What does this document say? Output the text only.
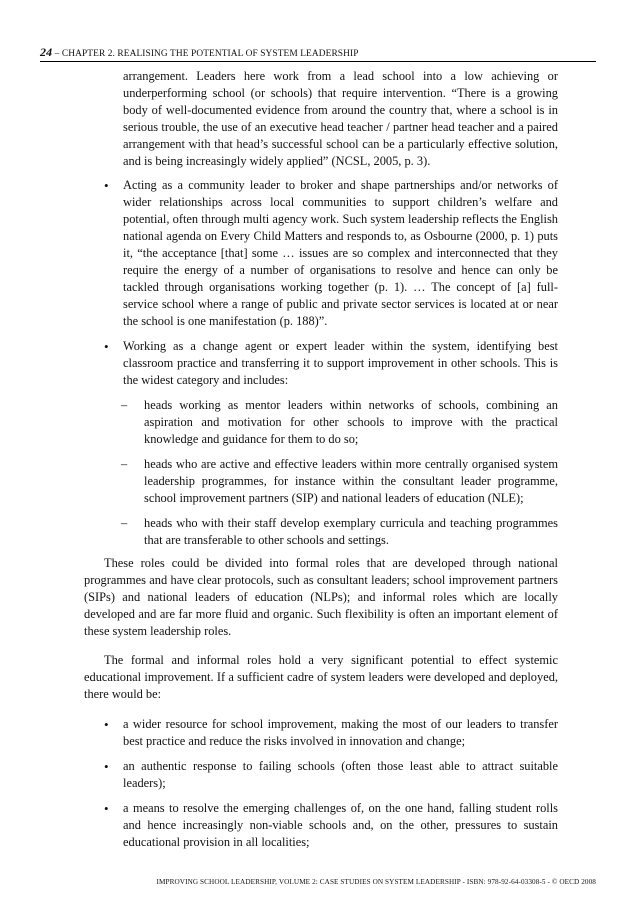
24 – CHAPTER 2. REALISING THE POTENTIAL OF SYSTEM LEADERSHIP

arrangement. Leaders here work from a lead school into a low achieving or underperforming school (or schools) that require intervention. “There is a growing body of well-documented evidence from around the country that, where a school is in serious trouble, the use of an executive head teacher / partner head teacher and a paired arrangement with that head’s successful school can be a particularly effective solution, and is being increasingly widely applied” (NCSL, 2005, p. 3).

• Acting as a community leader to broker and shape partnerships and/or networks of wider relationships across local communities to support children’s welfare and potential, often through multi agency work. Such system leadership reflects the English national agenda on Every Child Matters and responds to, as Osbourne (2000, p. 1) puts it, “the acceptance [that] some … issues are so complex and interconnected that they require the energy of a number of organisations to resolve and hence can only be tackled through organisations working together (p. 1). … The concept of [a] full-service school where a range of public and private sector services is located at or near the school is one manifestation (p. 188)”.
• Working as a change agent or expert leader within the system, identifying best classroom practice and transferring it to support improvement in other schools. This is the widest category and includes:
– heads working as mentor leaders within networks of schools, combining an aspiration and motivation for other schools to improve with the practical knowledge and guidance for them to do so;
– heads who are active and effective leaders within more centrally organised system leadership programmes, for instance within the consultant leader programme, school improvement partners (SIP) and national leaders of education (NLE);
– heads who with their staff develop exemplary curricula and teaching programmes that are transferable to other schools and settings.

These roles could be divided into formal roles that are developed through national programmes and have clear protocols, such as consultant leaders; school improvement partners (SIPs) and national leaders of education (NLPs); and informal roles which are locally developed and are far more fluid and organic. Such flexibility is often an important element of these system leadership roles.

The formal and informal roles hold a very significant potential to effect systemic educational improvement. If a sufficient cadre of system leaders were developed and deployed, there would be:

• a wider resource for school improvement, making the most of our leaders to transfer best practice and reduce the risks involved in innovation and change;
• an authentic response to failing schools (often those least able to attract suitable leaders);
• a means to resolve the emerging challenges of, on the one hand, falling student rolls and hence increasingly non-viable schools and, on the other, pressures to sustain educational provision in all localities;
IMPROVING SCHOOL LEADERSHIP, VOLUME 2: CASE STUDIES ON SYSTEM LEADERSHIP - ISBN: 978-92-64-03308-5 - © OECD 2008
